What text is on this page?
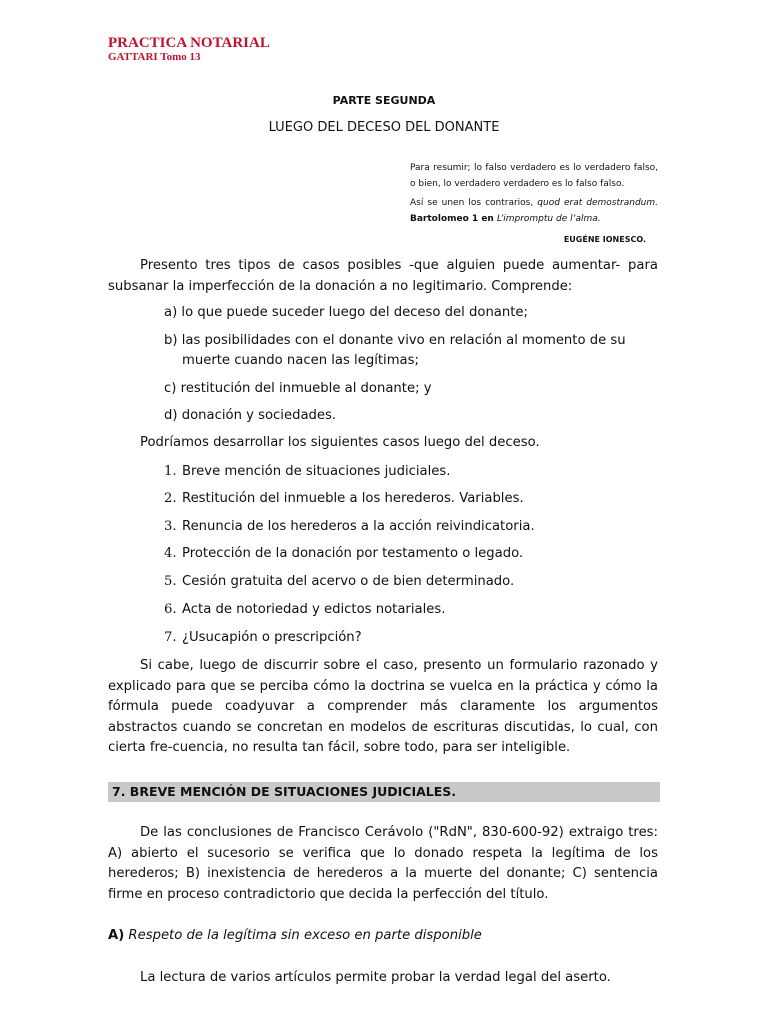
PRACTICA NOTARIAL
GATTARI Tomo 13
PARTE SEGUNDA
LUEGO DEL DECESO DEL DONANTE

Para resumir; lo falso verdadero es lo verdadero falso, o bien, lo verdadero verdadero es lo falso falso.

Así se unen los contrarios, quod erat demostrandum. Bartolomeo 1 en L’impromptu de l’alma.

EUGÉNE IONESCO.

Presento tres tipos de casos posibles -que alguien puede aumentar- para subsanar la imperfección de la donación a no legitimario. Comprende:

a) lo que puede suceder luego del deceso del donante;
b) las posibilidades con el donante vivo en relación al momento de su muerte cuando nacen las legítimas;
c) restitución del inmueble al donante; y
d) donación y sociedades.

Podríamos desarrollar los siguientes casos luego del deceso.

1. Breve mención de situaciones judiciales.
2. Restitución del inmueble a los herederos. Variables.
3. Renuncia de los herederos a la acción reivindicatoria.
4. Protección de la donación por testamento o legado.
5. Cesión gratuita del acervo o de bien determinado.
6. Acta de notoriedad y edictos notariales.
7. ¿Usucapión o prescripción?

Si cabe, luego de discurrir sobre el caso, presento un formulario razonado y explicado para que se perciba cómo la doctrina se vuelca en la práctica y cómo la fórmula puede coadyuvar a comprender más claramente los argumentos abstractos cuando se concretan en modelos de escrituras discutidas, lo cual, con cierta fre-cuencia, no resulta tan fácil, sobre todo, para ser inteligible.

7. BREVE MENCIÓN DE SITUACIONES JUDICIALES.

De las conclusiones de Francisco Cerávolo ("RdN", 830-600-92) extraigo tres: A) abierto el sucesorio se verifica que lo donado respeta la legítima de los herederos; B) inexistencia de herederos a la muerte del donante; C) sentencia firme en proceso contradictorio que decida la perfección del título.

A) Respeto de la legítima sin exceso en parte disponible
La lectura de varios artículos permite probar la verdad legal del aserto.
